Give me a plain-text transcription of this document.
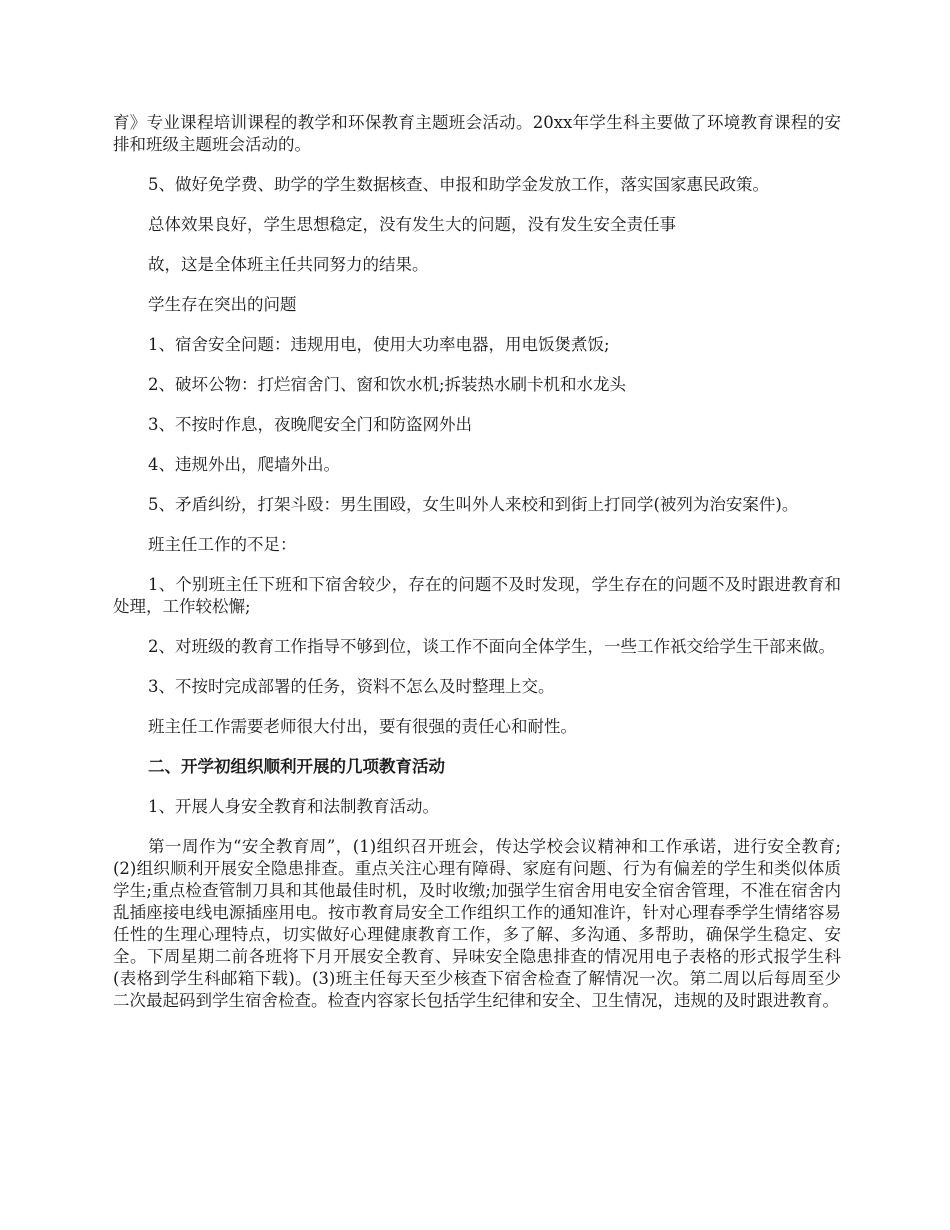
育》专业课程培训课程的教学和环保教育主题班会活动。20xx年学生科主要做了环境教育课程的安排和班级主题班会活动的。

5、做好免学费、助学的学生数据核查、申报和助学金发放工作，落实国家惠民政策。

总体效果良好，学生思想稳定，没有发生大的问题，没有发生安全责任事

故，这是全体班主任共同努力的结果。

学生存在突出的问题

1、宿舍安全问题：违规用电，使用大功率电器，用电饭煲煮饭;

2、破坏公物：打烂宿舍门、窗和饮水机;拆装热水刷卡机和水龙头

3、不按时作息，夜晚爬安全门和防盗网外出

4、违规外出，爬墙外出。

5、矛盾纠纷，打架斗殴：男生围殴，女生叫外人来校和到街上打同学(被列为治安案件)。

班主任工作的不足：

1、个别班主任下班和下宿舍较少，存在的问题不及时发现，学生存在的问题不及时跟进教育和处理，工作较松懈;

2、对班级的教育工作指导不够到位，谈工作不面向全体学生，一些工作祇交给学生干部来做。

3、不按时完成部署的任务，资料不怎么及时整理上交。

班主任工作需要老师很大付出，要有很强的责任心和耐性。

二、开学初组织顺利开展的几项教育活动

1、开展人身安全教育和法制教育活动。

第一周作为“安全教育周”，(1)组织召开班会，传达学校会议精神和工作承诺，进行安全教育;(2)组织顺利开展安全隐患排查。重点关注心理有障碍、家庭有问题、行为有偏差的学生和类似体质学生;重点检查管制刀具和其他最佳时机，及时收缴;加强学生宿舍用电安全宿舍管理，不准在宿舍内乱插座接电线电源插座用电。按市教育局安全工作组织工作的通知准许，针对心理春季学生情绪容易任性的生理心理特点，切实做好心理健康教育工作，多了解、多沟通、多帮助，确保学生稳定、安全。下周星期二前各班将下月开展安全教育、异味安全隐患排查的情况用电子表格的形式报学生科(表格到学生科邮箱下载)。(3)班主任每天至少核查下宿舍检查了解情况一次。第二周以后每周至少二次最起码到学生宿舍检查。检查内容家长包括学生纪律和安全、卫生情况，违规的及时跟进教育。
